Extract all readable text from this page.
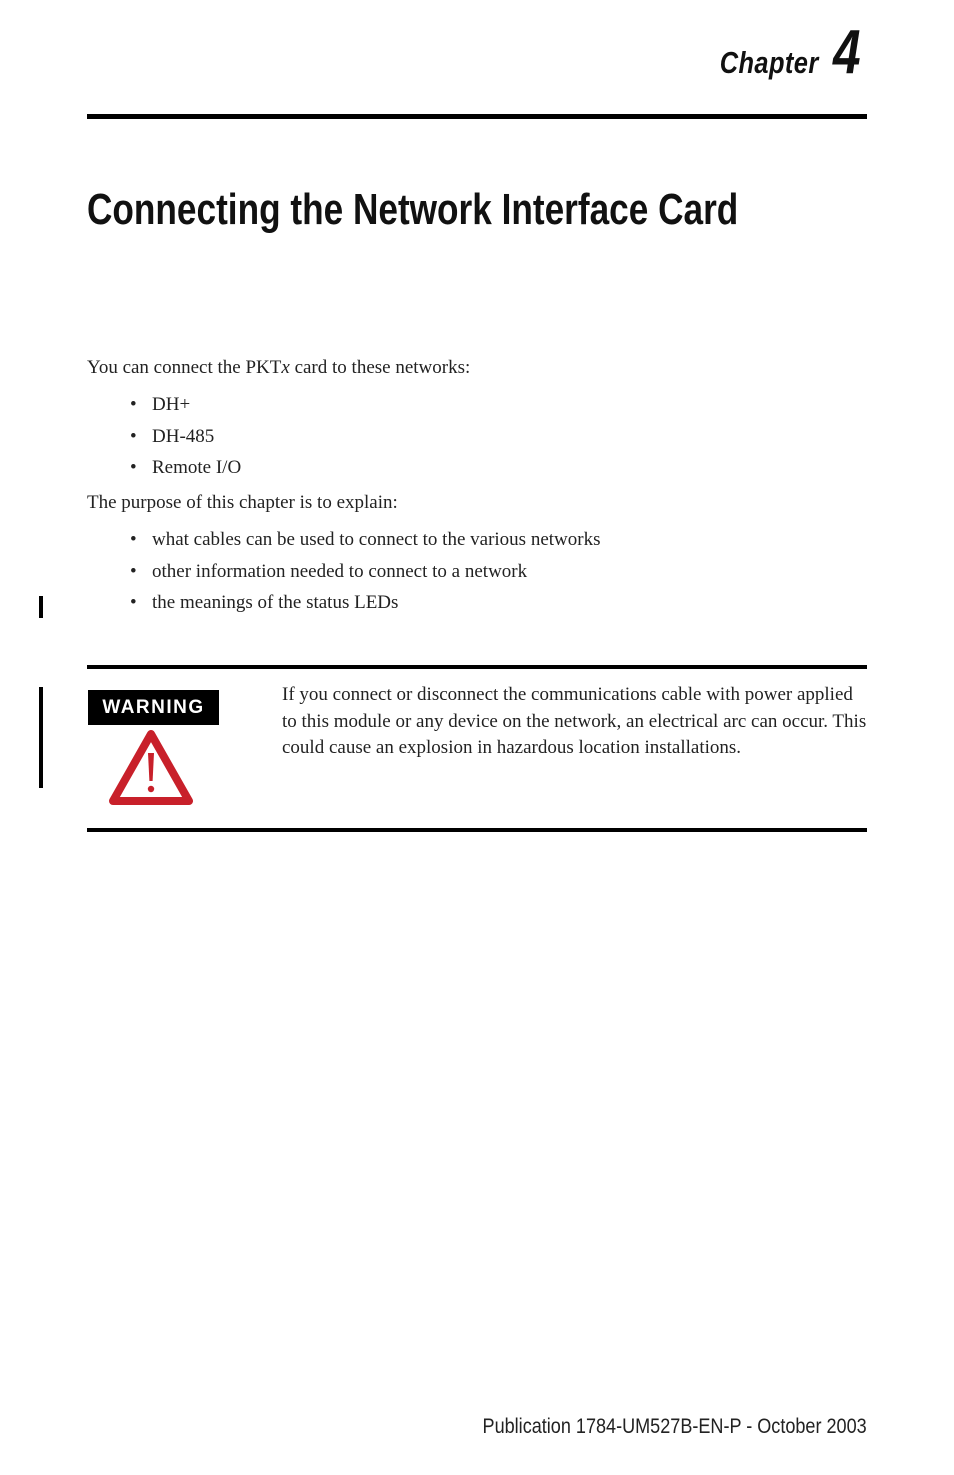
Chapter 4
Connecting the Network Interface Card

You can connect the PKTx card to these networks:

• DH+
• DH-485
• Remote I/O

The purpose of this chapter is to explain:

• what cables can be used to connect to the various networks
• other information needed to connect to a network
• the meanings of the status LEDs
WARNING

If you connect or disconnect the communications cable with power applied to this module or any device on the network, an electrical arc can occur. This could cause an explosion in hazardous location installations.

Publication 1784-UM527B-EN-P - October 2003
